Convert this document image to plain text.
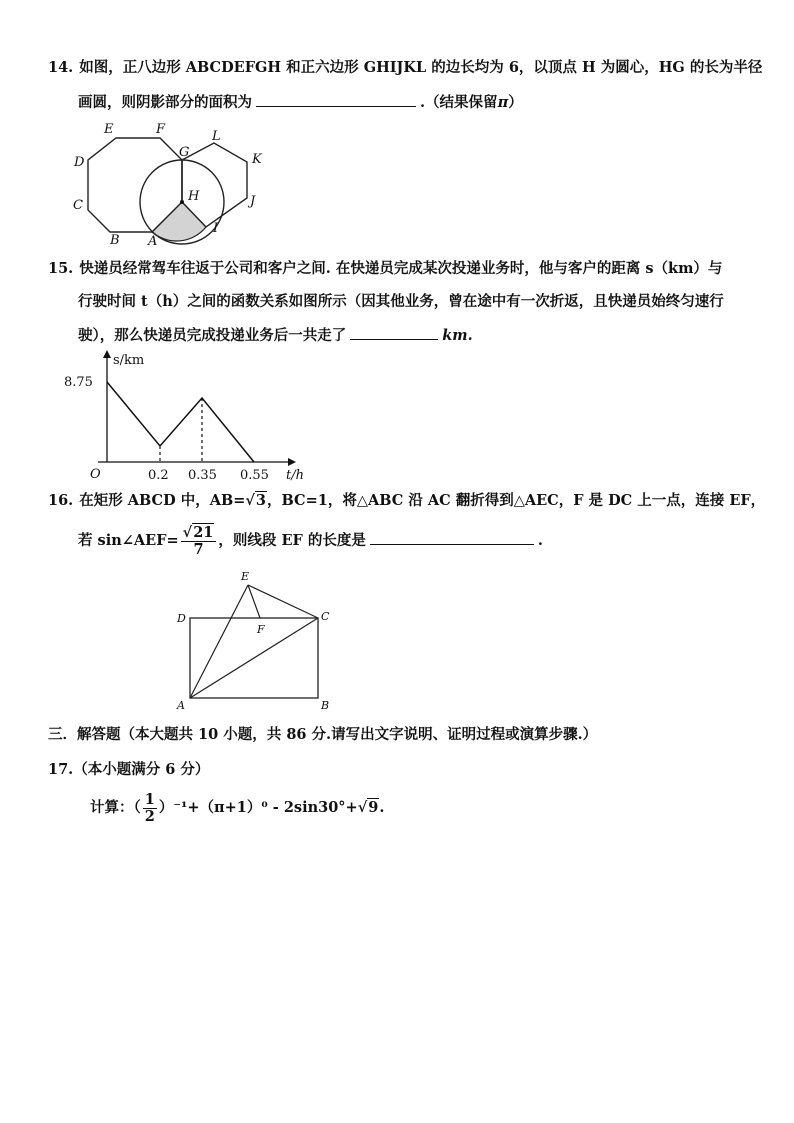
14. 如图，正八边形 ABCDEFGH 和正六边形 GHIJKL 的边长均为 6，以顶点 H 为圆心，HG 的长为半径
画圆，则阴影部分的面积为	.（结果保留π）
E	F	L
D
G	K
H
C	J
I
B A
15. 快递员经常驾车往返于公司和客户之间. 在快递员完成某次投递业务时，他与客户的距离 s（km）与
行驶时间 t（h）之间的函数关系如图所示（因其他业务，曾在途中有一次折返，且快递员始终匀速行
驶），那么快递员完成投递业务后一共走了	km.
s/km
8.75
O	0.2 0.35 0.55 t/h
16. 在矩形 ABCD 中，AB=√3，BC=1，将△ABC 沿 AC 翻折得到△AEC，F 是 DC 上一点，连接 EF，
若 sin∠AEF= $\frac{√21}{7}$ ，则线段 EF 的长度是	.
E
D
F
C
A	B
三．解答题（本大题共 10 小题，共 86 分.请写出文字说明、证明过程或演算步骤.）
17.（本小题满分 6 分）
计算：（ $\frac{1}{2} )^{-1}+(\pi+1)^0 - 2\sin 30^\circ+√9$.
